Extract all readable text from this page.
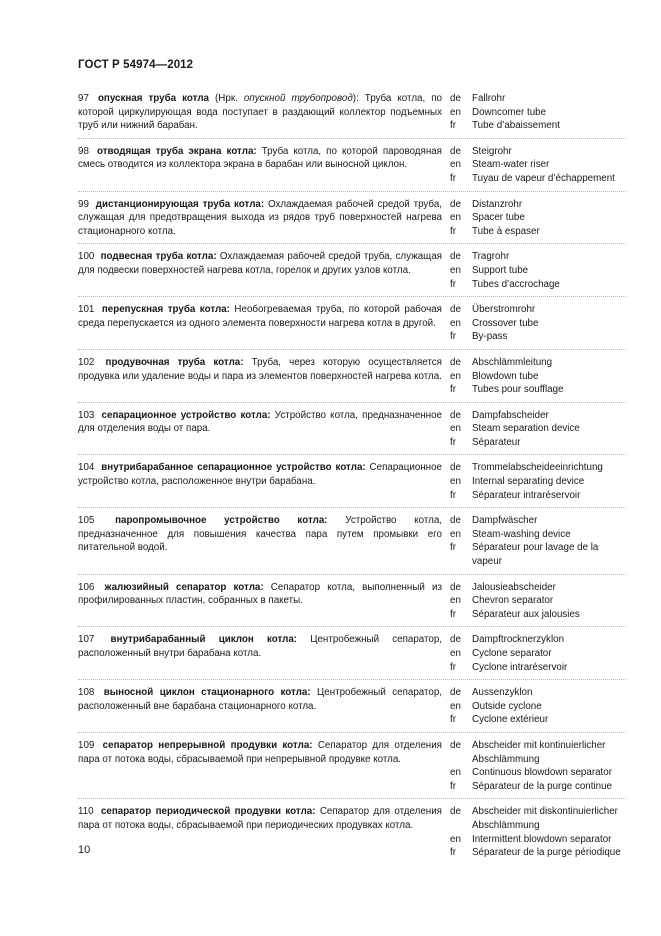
ГОСТ Р 54974—2012
97 опускная труба котла (Нрк. опускной трубопровод): Труба котла, по которой циркулирующая вода поступает в раздающий коллектор подъемных труб или нижний барабан.
de	Fallrohr
en	Downcomer tube
fr	Tube d’abaissement
98 отводящая труба экрана котла: Труба котла, по которой пароводяная смесь отводится из коллектора экрана в барабан или выносной циклон.
de	Steigrohr
en	Steam-water riser
fr	Tuyau de vapeur d’échappement
99 дистанционирующая труба котла: Охлаждаемая рабочей средой труба, служащая для предотвращения выхода из рядов труб поверхностей нагрева стационарного котла.
de	Distanzrohr
en	Spacer tube
fr	Tube à espaser
100 подвесная труба котла: Охлаждаемая рабочей средой труба, служащая для подвески поверхностей нагрева котла, горелок и других узлов котла.
de	Tragrohr
en	Support tube
fr	Tubes d’accrochage
101 перепускная труба котла: Необогреваемая труба, по которой рабочая среда перепускается из одного элемента поверхности нагрева котла в другой.
de	Überstromrohr
en	Crossover tube
fr	By-pass
102 продувочная труба котла: Труба, через которую осуществляется продувка или удаление воды и пара из элементов поверхностей нагрева котла.
de	Abschlämmleitung
en	Blowdown tube
fr	Tubes pour soufflage
103 сепарационное устройство котла: Устройство котла, предназначенное для отделения воды от пара.
de	Dampfabscheider
en	Steam separation device
fr	Séparateur
104 внутрибарабанное сепарационное устройство котла: Сепарационное устройство котла, расположенное внутри барабана.
de	Trommelabscheideeinrichtung
en	Internal separating device
fr	Séparateur intraréservoir
105 паропромывочное устройство котла: Устройство котла, предназначенное для повышения качества пара путем промывки его питательной водой.
de	Dampfwäscher
en	Steam-washing device
fr	Séparateur pour lavage de la vapeur
106 жалюзийный сепаратор котла: Сепаратор котла, выполненный из профилированных пластин, собранных в пакеты.
de	Jalousieabscheider
en	Chevron separator
fr	Séparateur aux jalousies
107 внутрибарабанный циклон котла: Центробежный сепаратор, расположенный внутри барабана котла.
de	Dampftrocknerzyklon
en	Cyclone separator
fr	Cyclone intraréservoir
108 выносной циклон стационарного котла: Центробежный сепаратор, расположенный вне барабана стационарного котла.
de	Aussenzyklon
en	Outside cyclone
fr	Cyclone extérieur
109 сепаратор непрерывной продувки котла: Сепаратор для отделения пара от потока воды, сбрасываемой при непрерывной продувке котла.
de	Abscheider mit kontinuierlicher Abschlämmung
en	Continuous blowdown separator
fr	Séparateur de la purge continue
110 сепаратор периодической продувки котла: Сепаратор для отделения пара от потока воды, сбрасываемой при периодических продувках котла.
de	Abscheider mit diskontinuierlicher Abschlämmung
en	Intermittent blowdown separator
fr	Séparateur de la purge périodique
10
